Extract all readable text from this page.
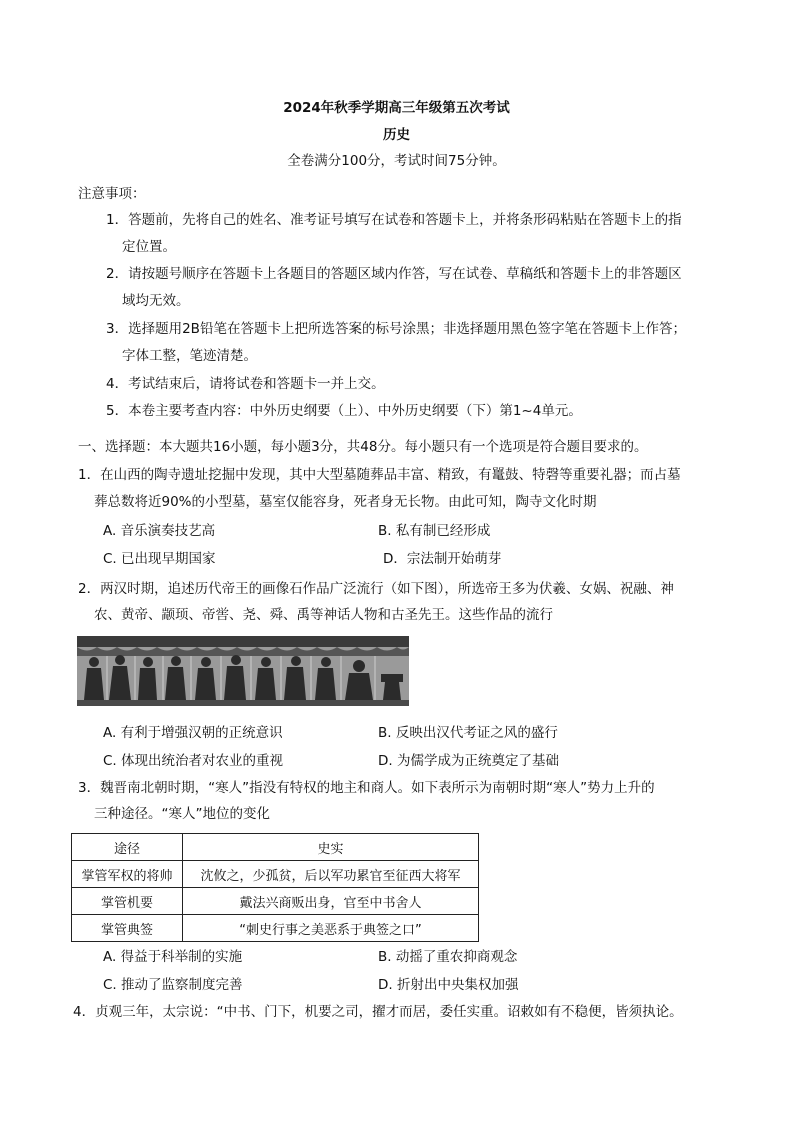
2024年秋季学期高三年级第五次考试
历史
全卷满分100分，考试时间75分钟。
注意事项：
1．答题前，先将自己的姓名、准考证号填写在试卷和答题卡上，并将条形码粘贴在答题卡上的指
定位置。
2．请按题号顺序在答题卡上各题目的答题区域内作答，写在试卷、草稿纸和答题卡上的非答题区
域均无效。
3．选择题用2B铅笔在答题卡上把所选答案的标号涂黑；非选择题用黑色签字笔在答题卡上作答；
字体工整，笔迹清楚。
4．考试结束后，请将试卷和答题卡一并上交。
5．本卷主要考查内容：中外历史纲要（上）、中外历史纲要（下）第1~4单元。
一、选择题：本大题共16小题，每小题3分，共48分。每小题只有一个选项是符合题目要求的。
1．在山西的陶寺遗址挖掘中发现，其中大型墓随葬品丰富、精致，有鼍鼓、特磬等重要礼器；而占墓
葬总数将近90%的小型墓，墓室仅能容身，死者身无长物。由此可知，陶寺文化时期
A. 音乐演奏技艺高	B. 私有制已经形成
C. 已出现早期国家	D．宗法制开始萌芽
2．两汉时期，追述历代帝王的画像石作品广泛流行（如下图），所选帝王多为伏羲、女娲、祝融、神
农、黄帝、颛顼、帝喾、尧、舜、禹等神话人物和古圣先王。这些作品的流行
A. 有利于增强汉朝的正统意识	B. 反映出汉代考证之风的盛行
C. 体现出统治者对农业的重视	D. 为儒学成为正统奠定了基础
3．魏晋南北朝时期，“寒人”指没有特权的地主和商人。如下表所示为南朝时期“寒人”势力上升的
三种途径。“寒人”地位的变化
途径	史实
掌管军权的将帅	沈攸之，少孤贫，后以军功累官至征西大将军
掌管机要	戴法兴商贩出身，官至中书舍人
掌管典签	“刺史行事之美恶系于典签之口”
A. 得益于科举制的实施	B. 动摇了重农抑商观念
C. 推动了监察制度完善	D. 折射出中央集权加强
4．贞观三年，太宗说：“中书、门下，机要之司，擢才而居，委任实重。诏敕如有不稳便，皆须执论。
